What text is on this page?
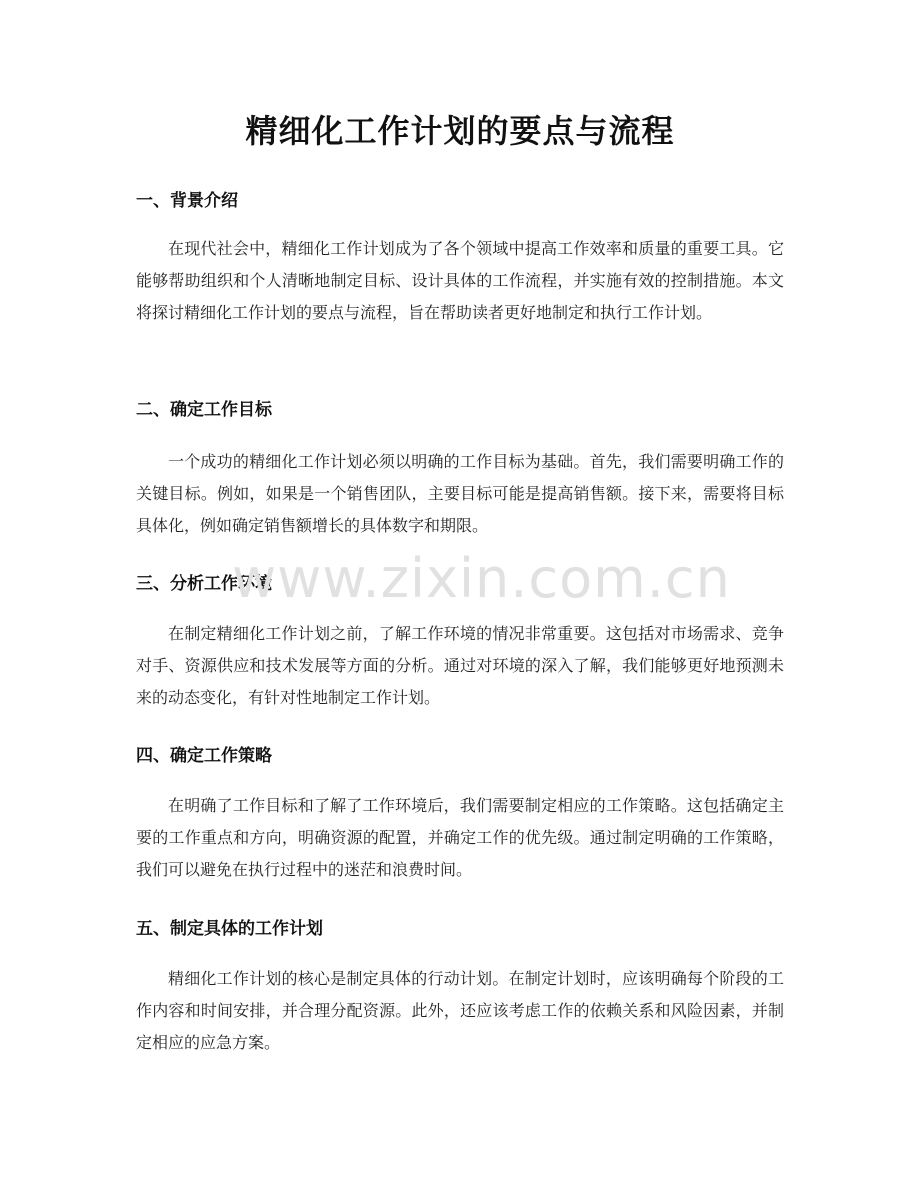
精细化工作计划的要点与流程
一、背景介绍

在现代社会中，精细化工作计划成为了各个领域中提高工作效率和质量的重要工具。它能够帮助组织和个人清晰地制定目标、设计具体的工作流程，并实施有效的控制措施。本文将探讨精细化工作计划的要点与流程，旨在帮助读者更好地制定和执行工作计划。

二、确定工作目标

一个成功的精细化工作计划必须以明确的工作目标为基础。首先，我们需要明确工作的关键目标。例如，如果是一个销售团队，主要目标可能是提高销售额。接下来，需要将目标具体化，例如确定销售额增长的具体数字和期限。

三、分析工作环境

在制定精细化工作计划之前，了解工作环境的情况非常重要。这包括对市场需求、竞争对手、资源供应和技术发展等方面的分析。通过对环境的深入了解，我们能够更好地预测未来的动态变化，有针对性地制定工作计划。

四、确定工作策略

在明确了工作目标和了解了工作环境后，我们需要制定相应的工作策略。这包括确定主要的工作重点和方向，明确资源的配置，并确定工作的优先级。通过制定明确的工作策略，我们可以避免在执行过程中的迷茫和浪费时间。

五、制定具体的工作计划

精细化工作计划的核心是制定具体的行动计划。在制定计划时，应该明确每个阶段的工作内容和时间安排，并合理分配资源。此外，还应该考虑工作的依赖关系和风险因素，并制定相应的应急方案。

www.zixin.com.cn
